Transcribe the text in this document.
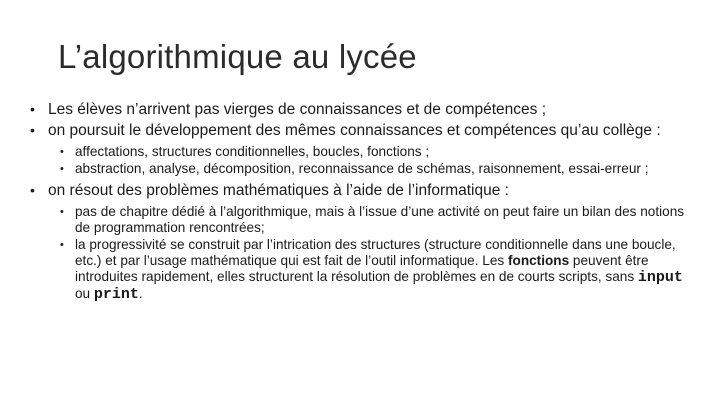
L’algorithmique au lycée
• Les élèves n’arrivent pas vierges de connaissances et de compétences ;
• on poursuit le développement des mêmes connaissances et compétences qu’au collège :
• affectations, structures conditionnelles, boucles, fonctions ;
• abstraction, analyse, décomposition, reconnaissance de schémas, raisonnement, essai-erreur ;
• on résout des problèmes mathématiques à l’aide de l’informatique :
• pas de chapitre dédié à l’algorithmique, mais à l’issue d’une activité on peut faire un bilan des notions de programmation rencontrées;
• la progressivité se construit par l’intrication des structures (structure conditionnelle dans une boucle, etc.) et par l’usage mathématique qui est fait de l’outil informatique. Les fonctions peuvent être introduites rapidement, elles structurent la résolution de problèmes en de courts scripts, sans input ou print.
